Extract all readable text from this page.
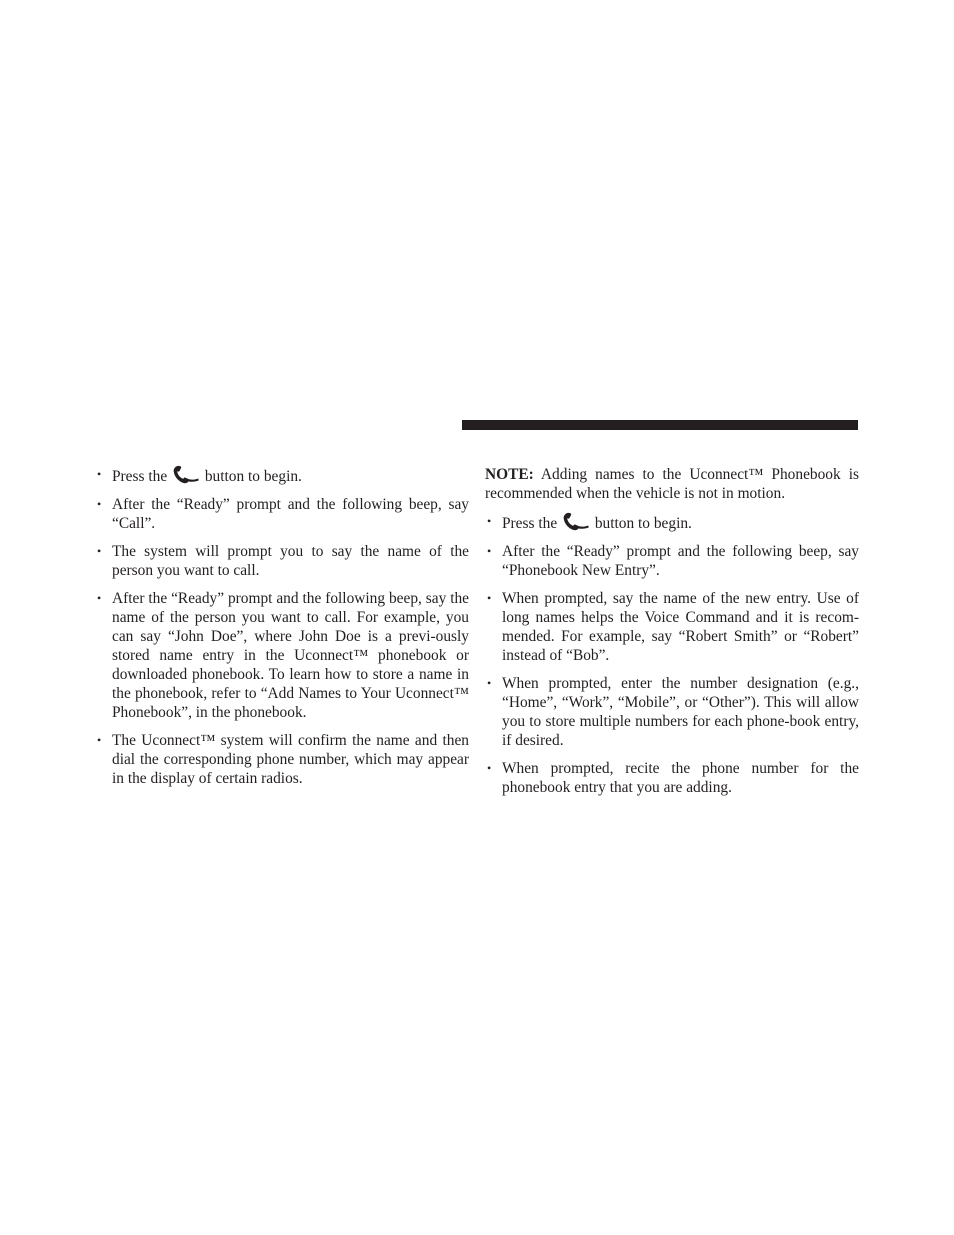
• Press the
button to begin.
• After the “Ready” prompt and the following beep, say “Call”.
• The system will prompt you to say the name of the person you want to call.
• After the “Ready” prompt and the following beep, say the name of the person you want to call. For example, you can say “John Doe”, where John Doe is a previ-ously stored name entry in the Uconnect™ phonebook or downloaded phonebook. To learn how to store a name in the phonebook, refer to “Add Names to Your Uconnect™ Phonebook”, in the phonebook.
• The Uconnect™ system will confirm the name and then dial the corresponding phone number, which may appear in the display of certain radios.

NOTE: Adding names to the Uconnect™ Phonebook is recommended when the vehicle is not in motion.

• Press the
button to begin.
• After the “Ready” prompt and the following beep, say “Phonebook New Entry”.
• When prompted, say the name of the new entry. Use of long names helps the Voice Command and it is recom-mended. For example, say “Robert Smith” or “Robert” instead of “Bob”.
• When prompted, enter the number designation (e.g., “Home”, “Work”, “Mobile”, or “Other”). This will allow you to store multiple numbers for each phone-book entry, if desired.
• When prompted, recite the phone number for the phonebook entry that you are adding.
